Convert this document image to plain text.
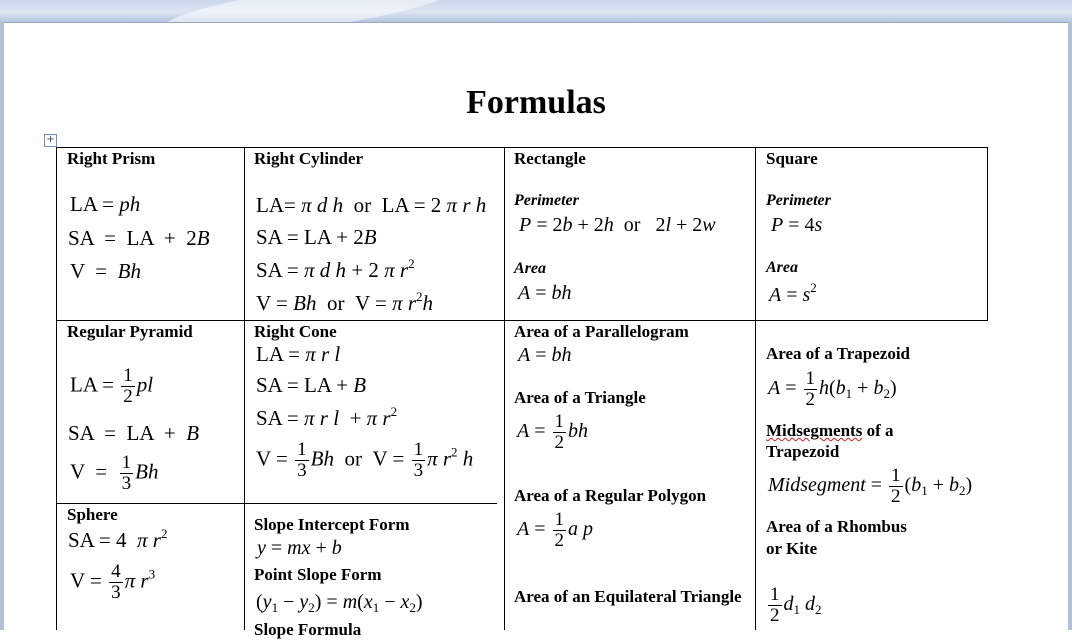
Formulas
+
Right Prism
LA = ph
SA  =  LA  +  2B
V  =  Bh
Right Cylinder
LA= π d h  or  LA = 2 π r h
SA = LA + 2B
SA = π d h + 2 π $r^2$
V = Bh  or  V = π $r^2h$
Rectangle
Perimeter
P = 2b + 2h  or   2l + 2w
Area
A = bh
Square
Perimeter
P = 4s
Area
$A = s^2$
Regular Pyramid
LA = $\frac{1}{2}$ pl
SA  =  LA  +  B
$V = \frac{1}{3}$ Bh
Right Cone
LA = π r l
SA = LA + B
SA = π r l  + π $r^2$
$V = \frac{1}{3}$ Bh  or  $V = \frac{1}{3}$ π $r^2$ h
Area of a Parallelogram
A = bh
Area of a Triangle
$A = \frac{1}{2}$ bh
Area of a Regular Polygon
$A = \frac{1}{2}$ a p
Area of an Equilateral Triangle
Area of a Trapezoid
$A = \frac{1}{2} h(b_1 + b_2)$
Midsegments of a
Trapezoid
Midsegment = $\frac{1}{2} (b_1 + b_2)$
Area of a Rhombus
or Kite
$\frac{1}{2} d_1$ $d_2$
Sphere
SA = 4  π $r^2$
$V = \frac{4}{3}$ π $r^3$
Slope Intercept Form
y = mx + b
Point Slope Form
$(y_1 - y_2) = m(x_1 - x_2)$
Slope Formula
